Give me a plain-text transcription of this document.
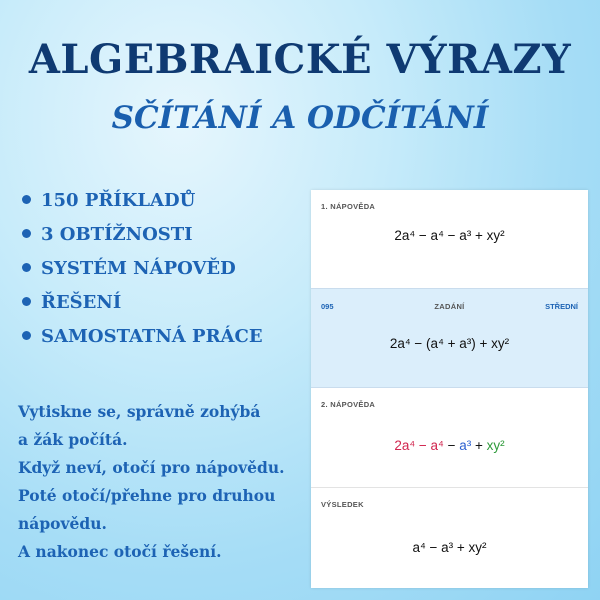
ALGEBRAICKÉ VÝRAZY
SČÍTÁNÍ A ODČÍTÁNÍ
150 PŘÍKLADŮ
3 OBTÍŽNOSTI
SYSTÉM NÁPOVĚD
ŘEŠENÍ
SAMOSTATNÁ PRÁCE
Vytiskne se, správně zohýbá
a žák počítá.
Když neví, otočí pro nápovědu.
Poté otočí/přehne pro druhou
nápovědu.
A nakonec otočí řešení.
1. NÁPOVĚDA
2a⁴ − a⁴ − a³ + xy²
095	ZADÁNÍ	STŘEDNÍ
2a⁴ − (a⁴ + a³) + xy²
2. NÁPOVĚDA
2a⁴ − a⁴ − a³ + xy²
VÝSLEDEK
a⁴ − a³ + xy²
